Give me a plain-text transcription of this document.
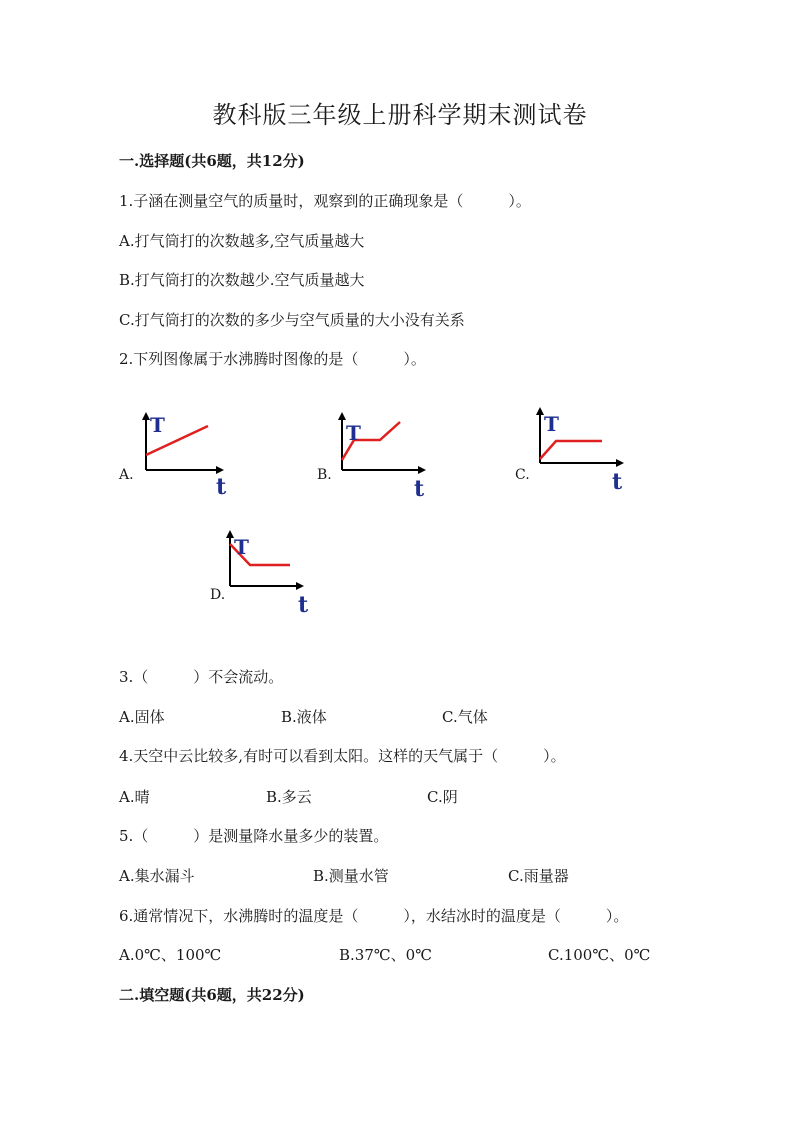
教科版三年级上册科学期末测试卷
一.选择题(共6题，共12分)
1.子涵在测量空气的质量时，观察到的正确现象是（　　　）。
A.打气筒打的次数越多,空气质量越大
B.打气筒打的次数越少.空气质量越大
C.打气筒打的次数的多少与空气质量的大小没有关系
2.下列图像属于水沸腾时图像的是（　　　）。
A.
T
t	B.
T
t
C.
T
t
D.
T
t
3.（　　　）不会流动。
A.固体	B.液体	C.气体
4.天空中云比较多,有时可以看到太阳。这样的天气属于（　　　）。
A.晴	B.多云	C.阴
5.（　　　）是测量降水量多少的装置。
A.集水漏斗	B.测量水管	C.雨量器
6.通常情况下，水沸腾时的温度是（　　　），水结冰时的温度是（　　　）。
A.0℃、100℃	B.37℃、0℃	C.100℃、0℃
二.填空题(共6题，共22分)
